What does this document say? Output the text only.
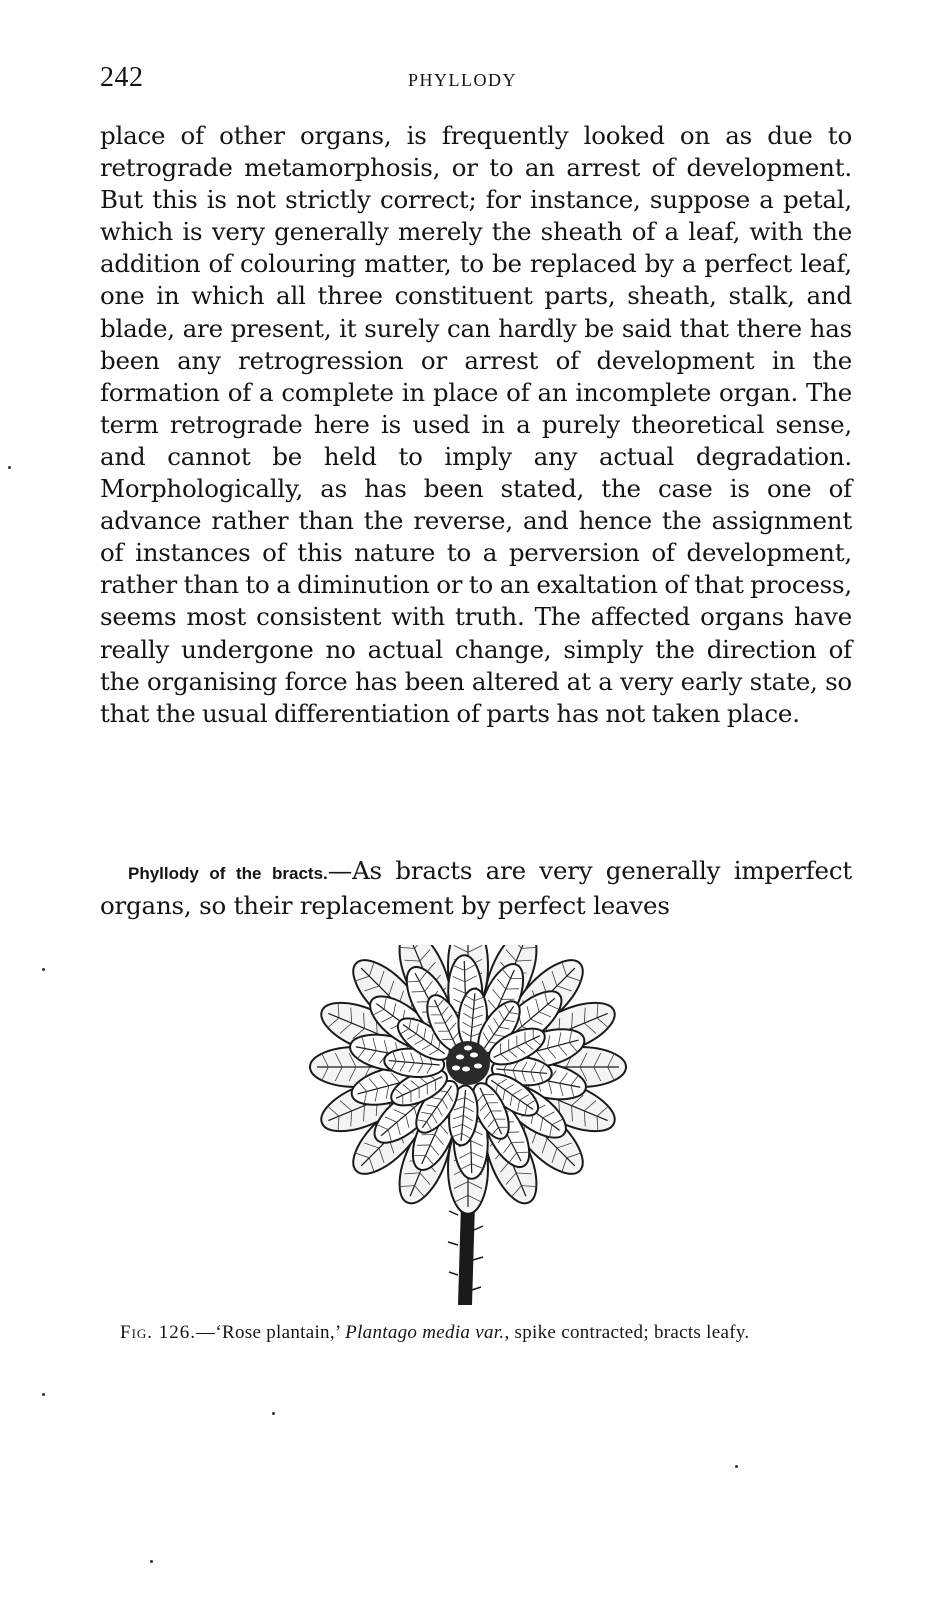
242	PHYLLODY
place of other organs, is frequently looked on as due to retrograde metamorphosis, or to an arrest of development. But this is not strictly correct; for instance, suppose a petal, which is very generally merely the sheath of a leaf, with the addition of colouring matter, to be replaced by a perfect leaf, one in which all three constituent parts, sheath, stalk, and blade, are present, it surely can hardly be said that there has been any retrogression or arrest of development in the formation of a complete in place of an incomplete organ. The term retrograde here is used in a purely theoretical sense, and cannot be held to imply any actual degradation. Morphologically, as has been stated, the case is one of advance rather than the reverse, and hence the assignment of instances of this nature to a perversion of development, rather than to a diminution or to an exaltation of that process, seems most consistent with truth. The affected organs have really undergone no actual change, simply the direction of the organising force has been altered at a very early state, so that the usual differentiation of parts has not taken place.
Phyllody of the bracts.—As bracts are very generally imperfect organs, so their replacement by perfect leaves
Fig. 126.—‘Rose plantain,’ Plantago media var., spike contracted; bracts leafy.
